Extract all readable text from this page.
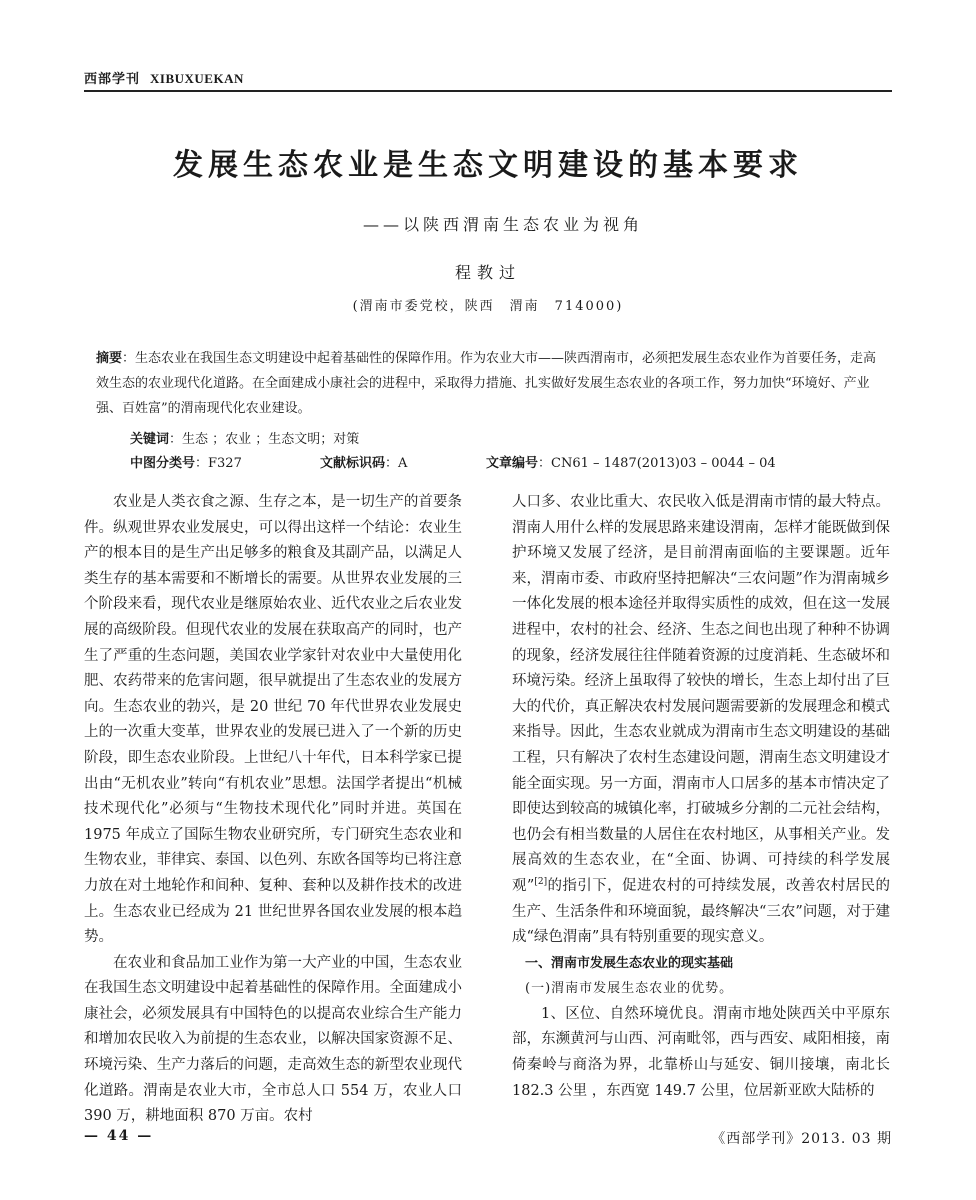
西部学刊 XIBUXUEKAN
发展生态农业是生态文明建设的基本要求
——以陕西渭南生态农业为视角
程教过
(渭南市委党校，陕西　渭南　714000)
摘要：生态农业在我国生态文明建设中起着基础性的保障作用。作为农业大市——陕西渭南市，必须把发展生态农业作为首要任务，走高效生态的农业现代化道路。在全面建成小康社会的进程中，采取得力措施、扎实做好发展生态农业的各项工作，努力加快“环境好、产业强、百姓富”的渭南现代化农业建设。
关键词：生态 ；农业 ；生态文明；对策
中图分类号：F327	文献标识码：A	文章编号：CN61 – 1487(2013)03 – 0044 – 04

农业是人类衣食之源、生存之本，是一切生产的首要条件。纵观世界农业发展史，可以得出这样一个结论：农业生产的根本目的是生产出足够多的粮食及其副产品，以满足人类生存的基本需要和不断增长的需要。从世界农业发展的三个阶段来看，现代农业是继原始农业、近代农业之后农业发展的高级阶段。但现代农业的发展在获取高产的同时，也产生了严重的生态问题，美国农业学家针对农业中大量使用化肥、农药带来的危害问题，很早就提出了生态农业的发展方向。生态农业的勃兴，是 20 世纪 70 年代世界农业发展史上的一次重大变革，世界农业的发展已进入了一个新的历史阶段，即生态农业阶段。上世纪八十年代，日本科学家已提出由“无机农业”转向“有机农业”思想。法国学者提出“机械技术现代化”必须与“生物技术现代化”同时并进。英国在 1975 年成立了国际生物农业研究所，专门研究生态农业和生物农业，菲律宾、泰国、以色列、东欧各国等均已将注意力放在对土地轮作和间种、复种、套种以及耕作技术的改进上。生态农业已经成为 21 世纪世界各国农业发展的根本趋势。

在农业和食品加工业作为第一大产业的中国，生态农业在我国生态文明建设中起着基础性的保障作用。全面建成小康社会，必须发展具有中国特色的以提高农业综合生产能力和增加农民收入为前提的生态农业，以解决国家资源不足、环境污染、生产力落后的问题，走高效生态的新型农业现代化道路。渭南是农业大市，全市总人口 554 万，农业人口 390 万，耕地面积 870 万亩。农村

人口多、农业比重大、农民收入低是渭南市情的最大特点。渭南人用什么样的发展思路来建设渭南，怎样才能既做到保护环境又发展了经济，是目前渭南面临的主要课题。近年来，渭南市委、市政府坚持把解决“三农问题”作为渭南城乡一体化发展的根本途径并取得实质性的成效，但在这一发展进程中，农村的社会、经济、生态之间也出现了种种不协调的现象，经济发展往往伴随着资源的过度消耗、生态破坏和环境污染。经济上虽取得了较快的增长，生态上却付出了巨大的代价，真正解决农村发展问题需要新的发展理念和模式来指导。因此，生态农业就成为渭南市生态文明建设的基础工程，只有解决了农村生态建设问题，渭南生态文明建设才能全面实现。另一方面，渭南市人口居多的基本市情决定了即使达到较高的城镇化率，打破城乡分割的二元社会结构，也仍会有相当数量的人居住在农村地区，从事相关产业。发展高效的生态农业，在“全面、协调、可持续的科学发展观”[2]的指引下，促进农村的可持续发展，改善农村居民的生产、生活条件和环境面貌，最终解决“三农”问题，对于建成“绿色渭南”具有特别重要的现实意义。

一、渭南市发展生态农业的现实基础

(一)渭南市发展生态农业的优势。

1、区位、自然环境优良。渭南市地处陕西关中平原东部，东濒黄河与山西、河南毗邻，西与西安、咸阳相接，南倚秦岭与商洛为界，北靠桥山与延安、铜川接壤，南北长 182.3 公里 ，东西宽 149.7 公里，位居新亚欧大陆桥的

— 44 —	《西部学刊》2013. 03 期
